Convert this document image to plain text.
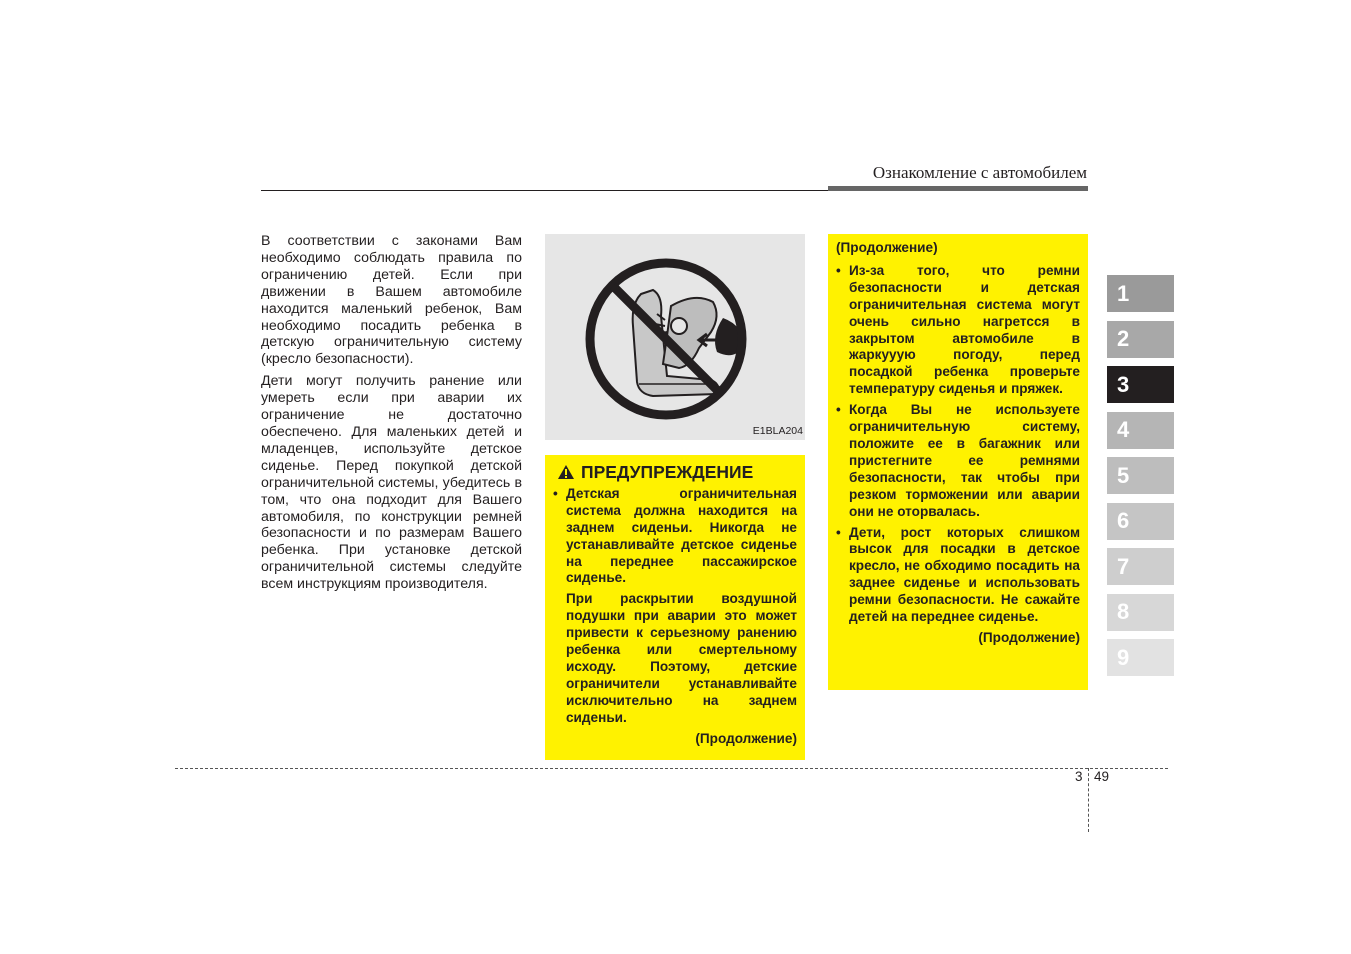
Ознакомление с автомобилем

В соответствии с законами Вам необходимо соблюдать правила по ограничению детей. Если при движении в Вашем автомобиле находится маленький ребенок, Вам необходимо посадить ребенка в детскую ограничительную систему (кресло безопасности).

Дети могут получить ранение или умереть если при аварии их ограничение не достаточно обеспечено. Для маленьких детей и младенцев, используйте детское сиденье. Перед покупкой детской ограничительной системы, убедитесь в том, что она подходит для Вашего автомобиля, по конструкции ремней безопасности и по размерам Вашего ребенка. При установке детской ограничительной системы следуйте всем инструкциям производителя.

E1BLA204
ПРЕДУПРЕЖДЕНИЕ
• Детская ограничительная система должна находится на заднем сиденьи. Никогда не устанавливайте детское сиденье на переднее пассажирское сиденье.

При раскрытии воздушной подушки при аварии это может привести к серьезному ранению ребенка или смертельному исходу. Поэтому, детские ограничители устанавливайте исключительно на заднем сиденьи.

(Продолжение)
(Продолжение)
• Из-за того, что ремни безопасности и детская ограничительная система могут очень сильно нагретсся в закрытом автомобиле в жаркууую погоду, перед посадкой ребенка проверьте температуру сиденья и пряжек.
• Когда Вы не используете ограничительную систему, положите ее в багажник или пристегните ее ремнями безопасности, так чтобы при резком торможении или аварии они не оторвалась.
• Дети, рост которых слишком высок для посадки в детское кресло, не обходимо посадить на заднее сиденье и использовать ремни безопасности. Не сажайте детей на переднее сиденье.
(Продолжение)
1
2
3
4
5
6
7
8
9
3 49
